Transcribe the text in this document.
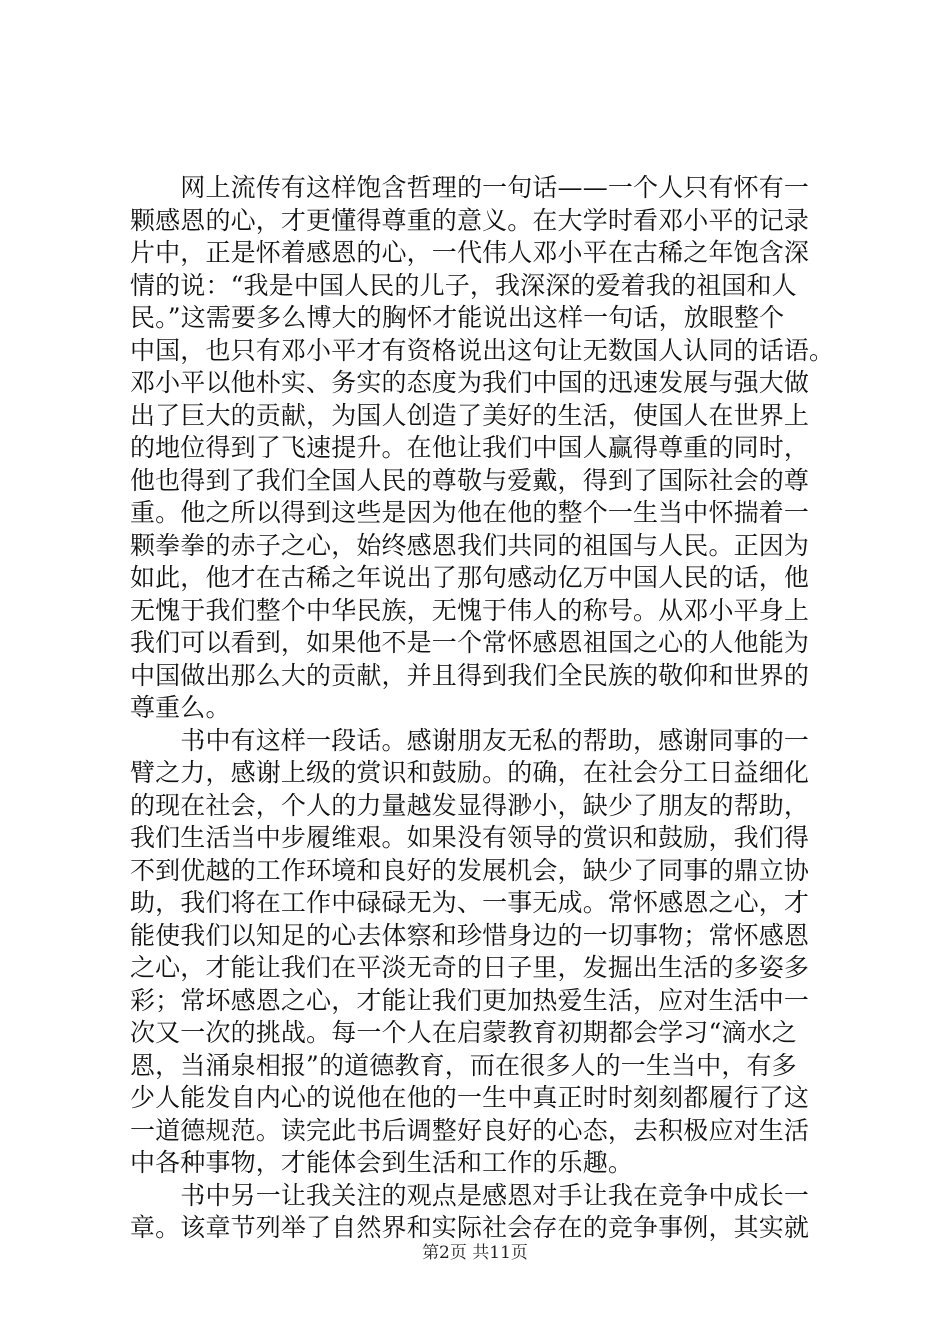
　　网上流传有这样饱含哲理的一句话——一个人只有怀有一
颗感恩的心，才更懂得尊重的意义。在大学时看邓小平的记录
片中，正是怀着感恩的心，一代伟人邓小平在古稀之年饱含深
情的说：“我是中国人民的儿子，我深深的爱着我的祖国和人
民。”这需要多么博大的胸怀才能说出这样一句话，放眼整个
中国，也只有邓小平才有资格说出这句让无数国人认同的话语。
邓小平以他朴实、务实的态度为我们中国的迅速发展与强大做
出了巨大的贡献，为国人创造了美好的生活，使国人在世界上
的地位得到了飞速提升。在他让我们中国人赢得尊重的同时，
他也得到了我们全国人民的尊敬与爱戴，得到了国际社会的尊
重。他之所以得到这些是因为他在他的整个一生当中怀揣着一
颗拳拳的赤子之心，始终感恩我们共同的祖国与人民。正因为
如此，他才在古稀之年说出了那句感动亿万中国人民的话，他
无愧于我们整个中华民族，无愧于伟人的称号。从邓小平身上
我们可以看到，如果他不是一个常怀感恩祖国之心的人他能为
中国做出那么大的贡献，并且得到我们全民族的敬仰和世界的
尊重么。
　　书中有这样一段话。感谢朋友无私的帮助，感谢同事的一
臂之力，感谢上级的赏识和鼓励。的确，在社会分工日益细化
的现在社会，个人的力量越发显得渺小，缺少了朋友的帮助，
我们生活当中步履维艰。如果没有领导的赏识和鼓励，我们得
不到优越的工作环境和良好的发展机会，缺少了同事的鼎立协
助，我们将在工作中碌碌无为、一事无成。常怀感恩之心，才
能使我们以知足的心去体察和珍惜身边的一切事物；常怀感恩
之心，才能让我们在平淡无奇的日子里，发掘出生活的多姿多
彩；常坏感恩之心，才能让我们更加热爱生活，应对生活中一
次又一次的挑战。每一个人在启蒙教育初期都会学习“滴水之
恩，当涌泉相报”的道德教育，而在很多人的一生当中，有多
少人能发自内心的说他在他的一生中真正时时刻刻都履行了这
一道德规范。读完此书后调整好良好的心态，去积极应对生活
中各种事物，才能体会到生活和工作的乐趣。
　　书中另一让我关注的观点是感恩对手让我在竞争中成长一
章。该章节列举了自然界和实际社会存在的竞争事例，其实就
第2页 共11页
